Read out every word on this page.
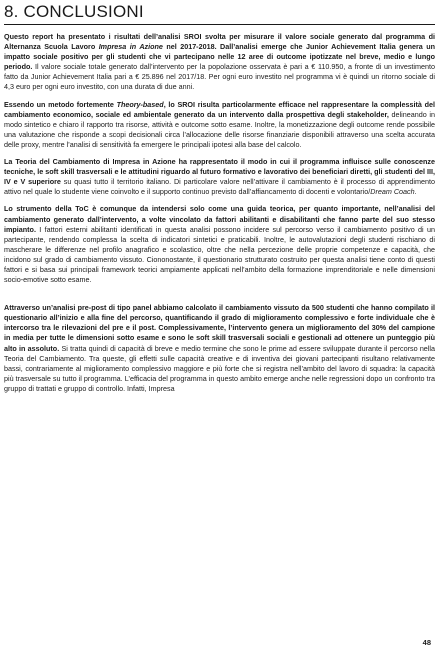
8. CONCLUSIONI

Questo report ha presentato i risultati dell’analisi SROI svolta per misurare il valore sociale generato dal programma di Alternanza Scuola Lavoro Impresa in Azione nel 2017-2018. Dall’analisi emerge che Junior Achievement Italia genera un impatto sociale positivo per gli studenti che vi partecipano nelle 12 aree di outcome ipotizzate nel breve, medio e lungo periodo. Il valore sociale totale generato dall’intervento per la popolazione osservata è pari a € 110.950, a fronte di un investimento fatto da Junior Achievement Italia pari a € 25.896 nel 2017/18. Per ogni euro investito nel programma vi è quindi un ritorno sociale di 4,3 euro per ogni euro investito, con una durata di due anni.

Essendo un metodo fortemente Theory-based, lo SROI risulta particolarmente efficace nel rappresentare la complessità del cambiamento economico, sociale ed ambientale generato da un intervento dalla prospettiva degli stakeholder, delineando in modo sintetico e chiaro il rapporto tra risorse, attività e outcome sotto esame. Inoltre, la monetizzazione degli outcome rende possibile una valutazione che risponde a scopi decisionali circa l’allocazione delle risorse finanziarie disponibili attraverso una scelta accurata delle proxy, mentre l’analisi di sensitività fa emergere le principali ipotesi alla base del calcolo.

La Teoria del Cambiamento di Impresa in Azione ha rappresentato il modo in cui il programma influisce sulle conoscenze tecniche, le soft skill trasversali e le attitudini riguardo al futuro formativo e lavorativo dei beneficiari diretti, gli studenti del III, IV e V superiore su quasi tutto il territorio italiano. Di particolare valore nell’attivare il cambiamento è il processo di apprendimento attivo nel quale lo studente viene coinvolto e il supporto continuo previsto dall’affiancamento di docenti e volontario/Dream Coach.

Lo strumento della ToC è comunque da intendersi solo come una guida teorica, per quanto importante, nell’analisi del cambiamento generato dall’intervento, a volte vincolato da fattori abilitanti e disabilitanti che fanno parte del suo stesso impianto. I fattori esterni abilitanti identificati in questa analisi possono incidere sul percorso verso il cambiamento positivo di un partecipante, rendendo complessa la scelta di indicatori sintetici e praticabili. Inoltre, le autovalutazioni degli studenti rischiano di mascherare le differenze nel profilo anagrafico e scolastico, oltre che nella percezione delle proprie competenze e capacità, che incidono sul grado di cambiamento vissuto. Ciononostante, il questionario strutturato costruito per questa analisi tiene conto di questi fattori e si basa sui principali framework teorici ampiamente applicati nell’ambito della formazione imprenditoriale e nelle dimensioni socio-emotive sotto esame.

Attraverso un’analisi pre-post di tipo panel abbiamo calcolato il cambiamento vissuto da 500 studenti che hanno compilato il questionario all’inizio e alla fine del percorso, quantificando il grado di miglioramento complessivo e forte individuale che è intercorso tra le rilevazioni del pre e il post. Complessivamente, l’intervento genera un miglioramento del 30% del campione in media per tutte le dimensioni sotto esame e sono le soft skill trasversali sociali e gestionali ad ottenere un punteggio più alto in assoluto. Si tratta quindi di capacità di breve e medio termine che sono le prime ad essere sviluppate durante il percorso nella Teoria del Cambiamento. Tra queste, gli effetti sulle capacità creative e di inventiva dei giovani partecipanti risultano relativamente bassi, contrariamente al miglioramento complessivo maggiore e più forte che si registra nell’ambito del lavoro di squadra: la capacità più trasversale su tutto il programma. L’efficacia del programma in questo ambito emerge anche nelle regressioni dopo un confronto tra gruppo di trattati e gruppo di controllo. Infatti, Impresa

48
